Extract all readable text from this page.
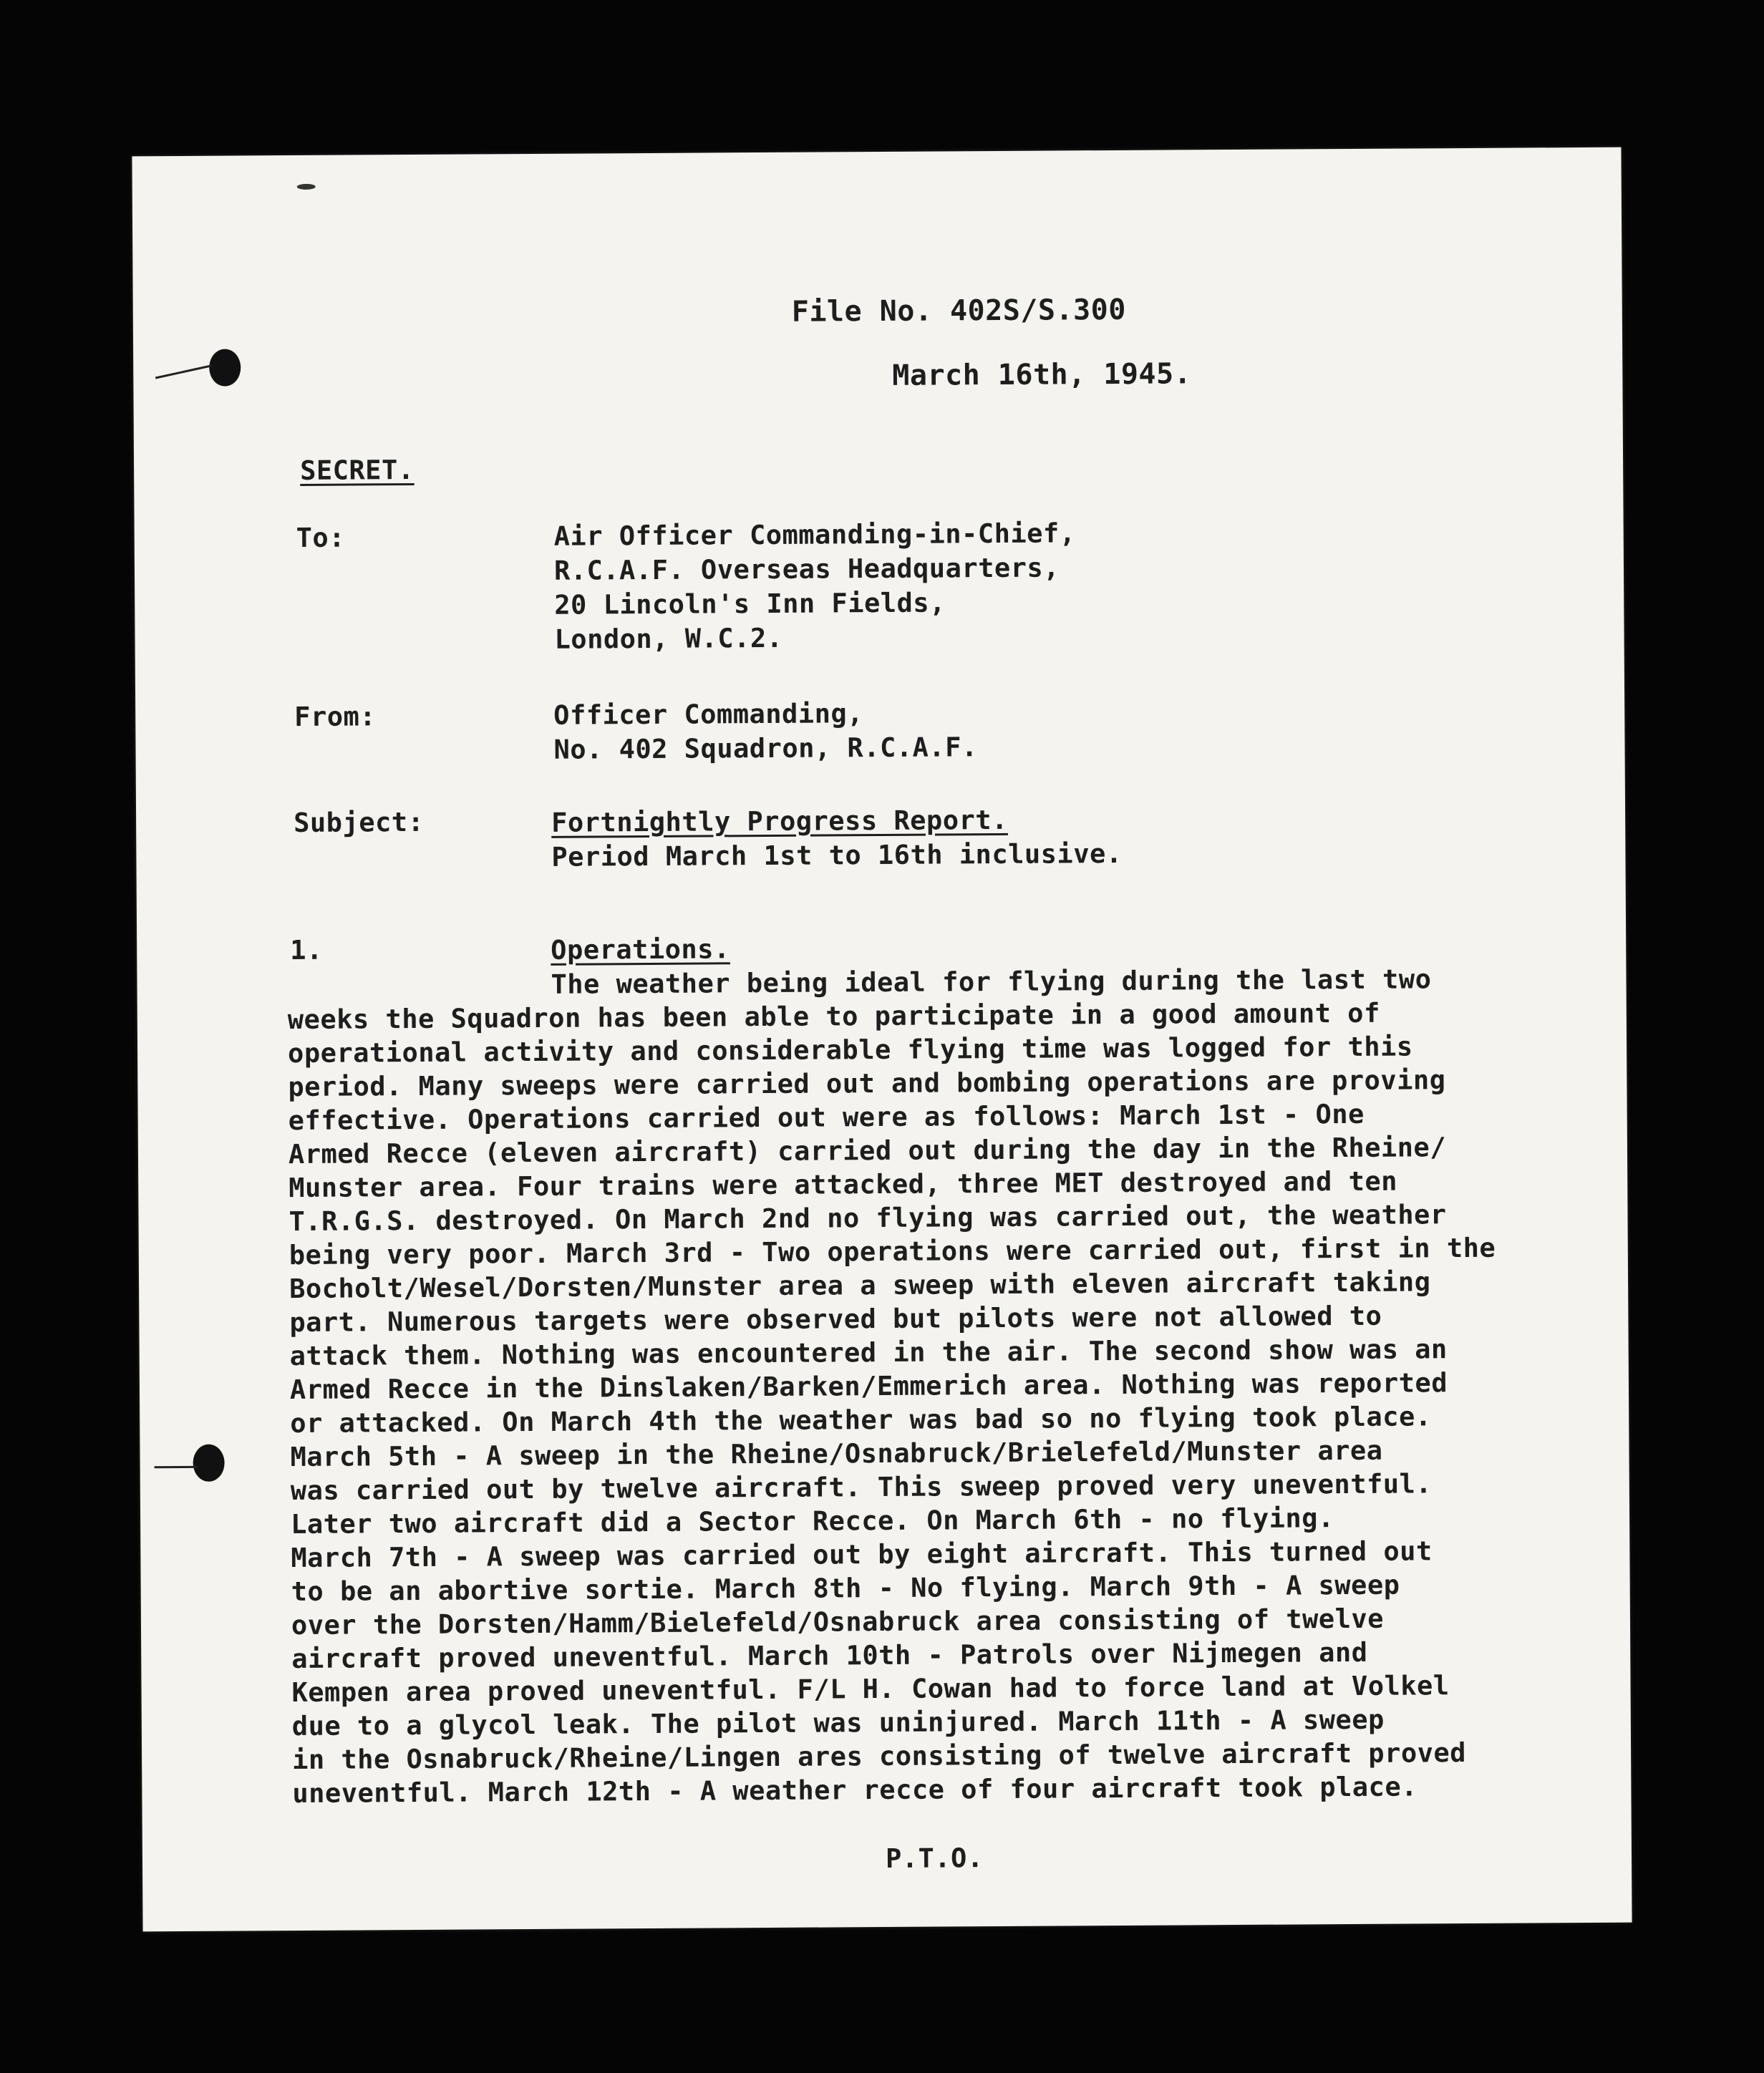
File No. 402S/S.300
March 16th, 1945.
SECRET.
To:	Air Officer Commanding-in-Chief,
R.C.A.F. Overseas Headquarters,
20 Lincoln's Inn Fields,
London, W.C.2.
From:	Officer Commanding,
No. 402 Squadron, R.C.A.F.
Subject:	Fortnightly Progress Report.
Period March 1st to 16th inclusive.
1.	Operations.
The weather being ideal for flying during the last two
weeks the Squadron has been able to participate in a good amount of
operational activity and considerable flying time was logged for this
period. Many sweeps were carried out and bombing operations are proving
effective. Operations carried out were as follows: March 1st - One
Armed Recce (eleven aircraft) carried out during the day in the Rheine/
Munster area. Four trains were attacked, three MET destroyed and ten
T.R.G.S. destroyed. On March 2nd no flying was carried out, the weather
being very poor. March 3rd - Two operations were carried out, first in the
Bocholt/Wesel/Dorsten/Munster area a sweep with eleven aircraft taking
part. Numerous targets were observed but pilots were not allowed to
attack them. Nothing was encountered in the air. The second show was an
Armed Recce in the Dinslaken/Barken/Emmerich area. Nothing was reported
or attacked. On March 4th the weather was bad so no flying took place.
March 5th - A sweep in the Rheine/Osnabruck/Brielefeld/Munster area
was carried out by twelve aircraft. This sweep proved very uneventful.
Later two aircraft did a Sector Recce. On March 6th - no flying.
March 7th - A sweep was carried out by eight aircraft. This turned out
to be an abortive sortie. March 8th - No flying. March 9th - A sweep
over the Dorsten/Hamm/Bielefeld/Osnabruck area consisting of twelve
aircraft proved uneventful. March 10th - Patrols over Nijmegen and
Kempen area proved uneventful. F/L H. Cowan had to force land at Volkel
due to a glycol leak. The pilot was uninjured. March 11th - A sweep
in the Osnabruck/Rheine/Lingen ares consisting of twelve aircraft proved
uneventful. March 12th - A weather recce of four aircraft took place.
P.T.O.
